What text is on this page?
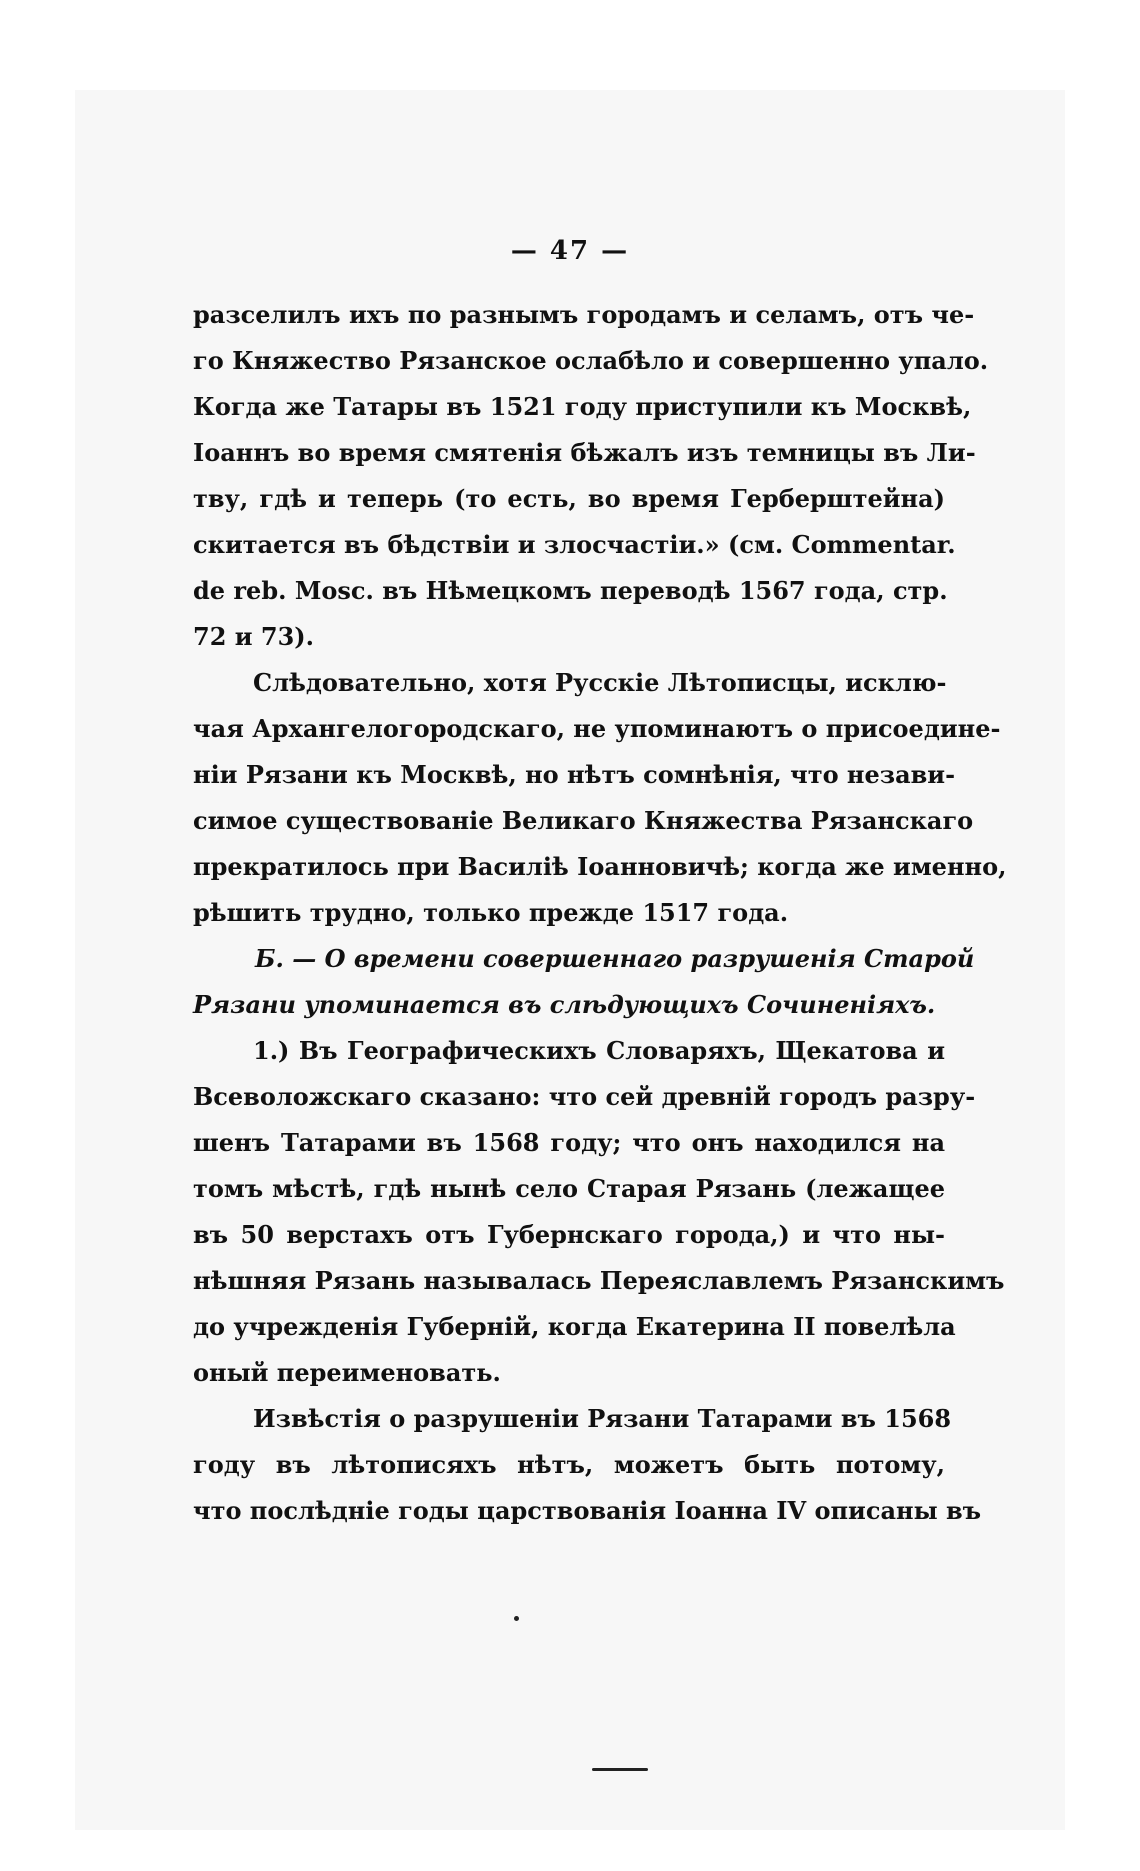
— 47 —
разселилъ ихъ по разнымъ городамъ и селамъ, отъ че-
го Княжество Рязанское ослабѣло и совершенно упало.
Когда же Татары въ 1521 году приступили къ Москвѣ,
Іоаннъ во время смятенія бѣжалъ изъ темницы въ Ли-
тву, гдѣ и теперь (то есть, во время Герберштейна)
скитается въ бѣдствіи и злосчастіи.» (см. Commentar.
de reb. Mosc. въ Нѣмецкомъ переводѣ 1567 года, стр.
72 и 73).
Слѣдовательно, хотя Русскіе Лѣтописцы, исклю-
чая Архангелогородскаго, не упоминаютъ о присоедине-
ніи Рязани къ Москвѣ, но нѣтъ сомнѣнія, что незави-
симое существованіе Великаго Княжества Рязанскаго
прекратилось при Василіѣ Іоанновичѣ; когда же именно,
рѣшить трудно, только прежде 1517 года.
Б. — О времени совершеннаго разрушенія Старой
Рязани упоминается въ слѣдующихъ Сочиненіяхъ.
1.) Въ Географическихъ Словаряхъ, Щекатова и
Всеволожскаго сказано: что сей древній городъ разру-
шенъ Татарами въ 1568 году; что онъ находился на
томъ мѣстѣ, гдѣ нынѣ село Старая Рязань (лежащее
въ 50 верстахъ отъ Губернскаго города,) и что ны-
нѣшняя Рязань называлась Переяславлемъ Рязанскимъ
до учрежденія Губерній, когда Екатерина II повелѣла
оный переименовать.
Извѣстія о разрушеніи Рязани Татарами въ 1568
году въ лѣтописяхъ нѣтъ, можетъ быть потому,
что послѣдніе годы царствованія Іоанна IV описаны въ
